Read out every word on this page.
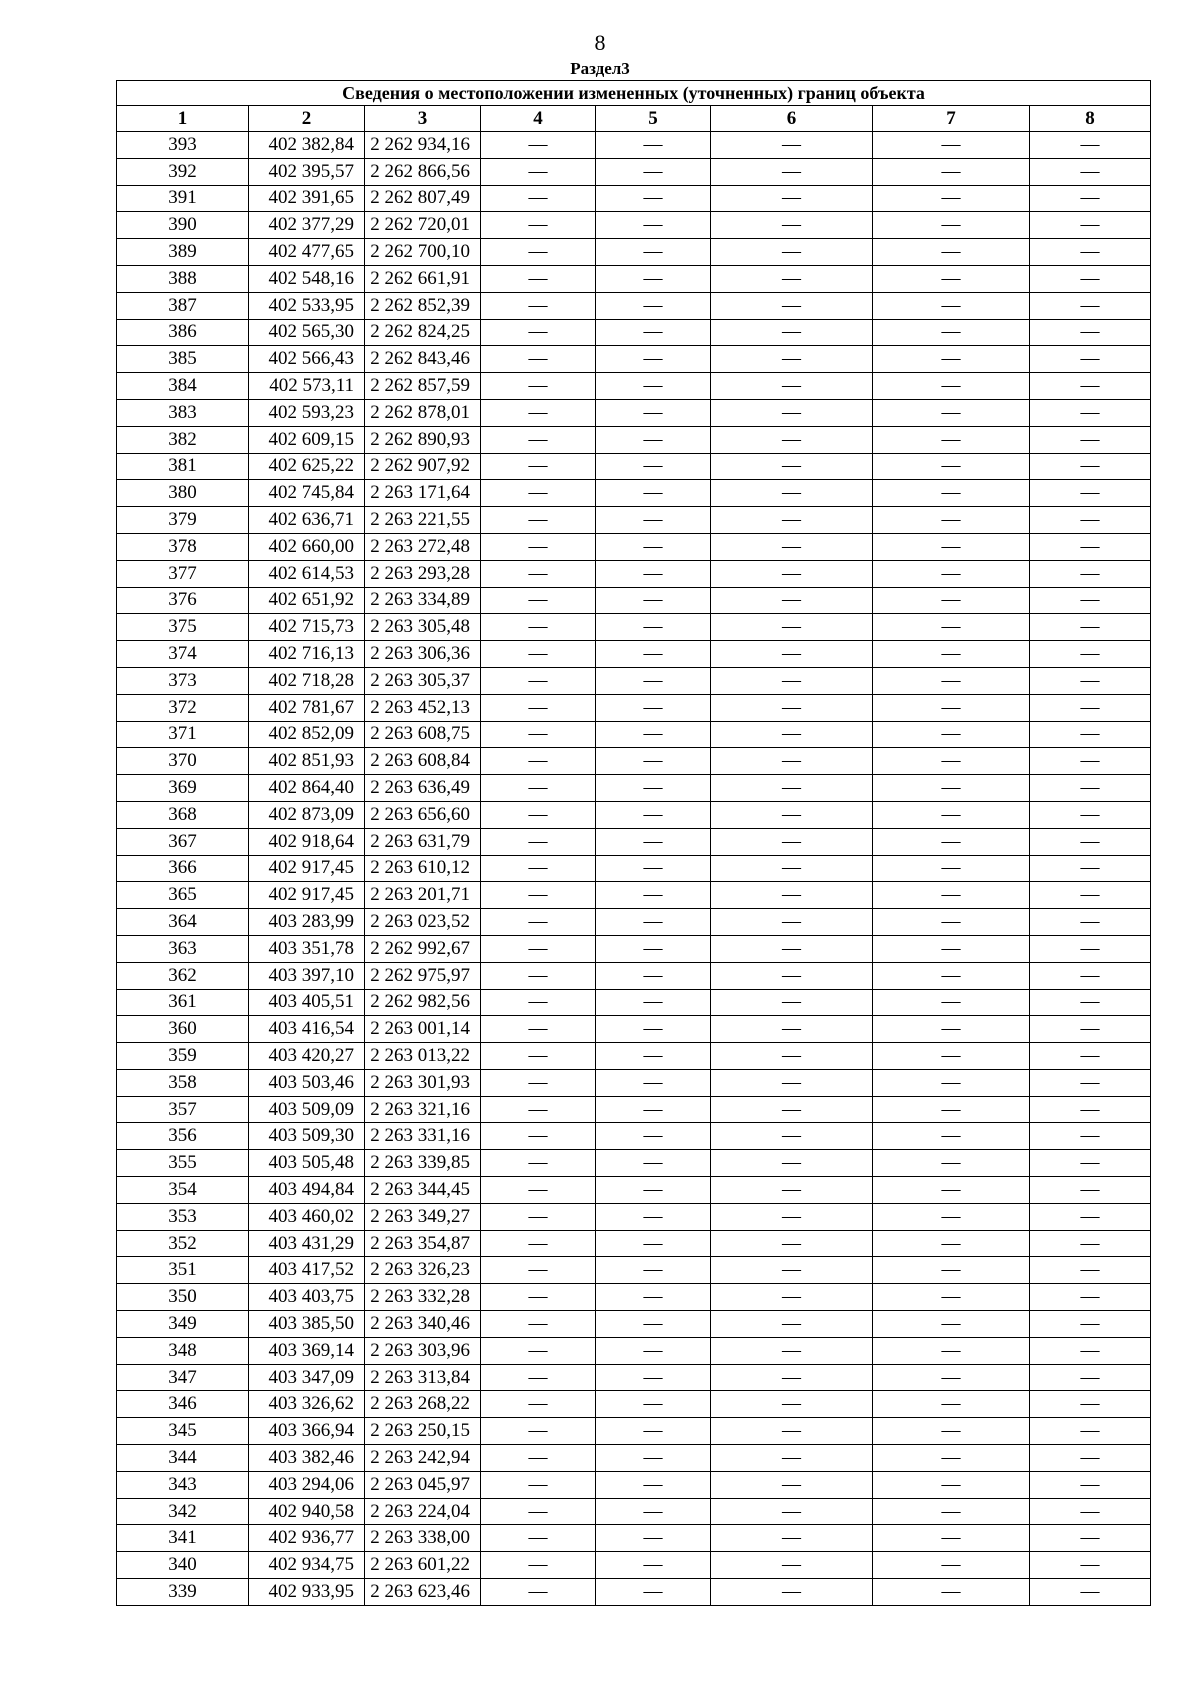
8
Раздел3
Сведения о местоположении измененных (уточненных) границ объекта							
1	2	3	4	5	6	7	8
393	402 382,84	2 262 934,16	—	—	—	—	—
392	402 395,57	2 262 866,56	—	—	—	—	—
391	402 391,65	2 262 807,49	—	—	—	—	—
390	402 377,29	2 262 720,01	—	—	—	—	—
389	402 477,65	2 262 700,10	—	—	—	—	—
388	402 548,16	2 262 661,91	—	—	—	—	—
387	402 533,95	2 262 852,39	—	—	—	—	—
386	402 565,30	2 262 824,25	—	—	—	—	—
385	402 566,43	2 262 843,46	—	—	—	—	—
384	402 573,11	2 262 857,59	—	—	—	—	—
383	402 593,23	2 262 878,01	—	—	—	—	—
382	402 609,15	2 262 890,93	—	—	—	—	—
381	402 625,22	2 262 907,92	—	—	—	—	—
380	402 745,84	2 263 171,64	—	—	—	—	—
379	402 636,71	2 263 221,55	—	—	—	—	—
378	402 660,00	2 263 272,48	—	—	—	—	—
377	402 614,53	2 263 293,28	—	—	—	—	—
376	402 651,92	2 263 334,89	—	—	—	—	—
375	402 715,73	2 263 305,48	—	—	—	—	—
374	402 716,13	2 263 306,36	—	—	—	—	—
373	402 718,28	2 263 305,37	—	—	—	—	—
372	402 781,67	2 263 452,13	—	—	—	—	—
371	402 852,09	2 263 608,75	—	—	—	—	—
370	402 851,93	2 263 608,84	—	—	—	—	—
369	402 864,40	2 263 636,49	—	—	—	—	—
368	402 873,09	2 263 656,60	—	—	—	—	—
367	402 918,64	2 263 631,79	—	—	—	—	—
366	402 917,45	2 263 610,12	—	—	—	—	—
365	402 917,45	2 263 201,71	—	—	—	—	—
364	403 283,99	2 263 023,52	—	—	—	—	—
363	403 351,78	2 262 992,67	—	—	—	—	—
362	403 397,10	2 262 975,97	—	—	—	—	—
361	403 405,51	2 262 982,56	—	—	—	—	—
360	403 416,54	2 263 001,14	—	—	—	—	—
359	403 420,27	2 263 013,22	—	—	—	—	—
358	403 503,46	2 263 301,93	—	—	—	—	—
357	403 509,09	2 263 321,16	—	—	—	—	—
356	403 509,30	2 263 331,16	—	—	—	—	—
355	403 505,48	2 263 339,85	—	—	—	—	—
354	403 494,84	2 263 344,45	—	—	—	—	—
353	403 460,02	2 263 349,27	—	—	—	—	—
352	403 431,29	2 263 354,87	—	—	—	—	—
351	403 417,52	2 263 326,23	—	—	—	—	—
350	403 403,75	2 263 332,28	—	—	—	—	—
349	403 385,50	2 263 340,46	—	—	—	—	—
348	403 369,14	2 263 303,96	—	—	—	—	—
347	403 347,09	2 263 313,84	—	—	—	—	—
346	403 326,62	2 263 268,22	—	—	—	—	—
345	403 366,94	2 263 250,15	—	—	—	—	—
344	403 382,46	2 263 242,94	—	—	—	—	—
343	403 294,06	2 263 045,97	—	—	—	—	—
342	402 940,58	2 263 224,04	—	—	—	—	—
341	402 936,77	2 263 338,00	—	—	—	—	—
340	402 934,75	2 263 601,22	—	—	—	—	—
339	402 933,95	2 263 623,46	—	—	—	—	—
